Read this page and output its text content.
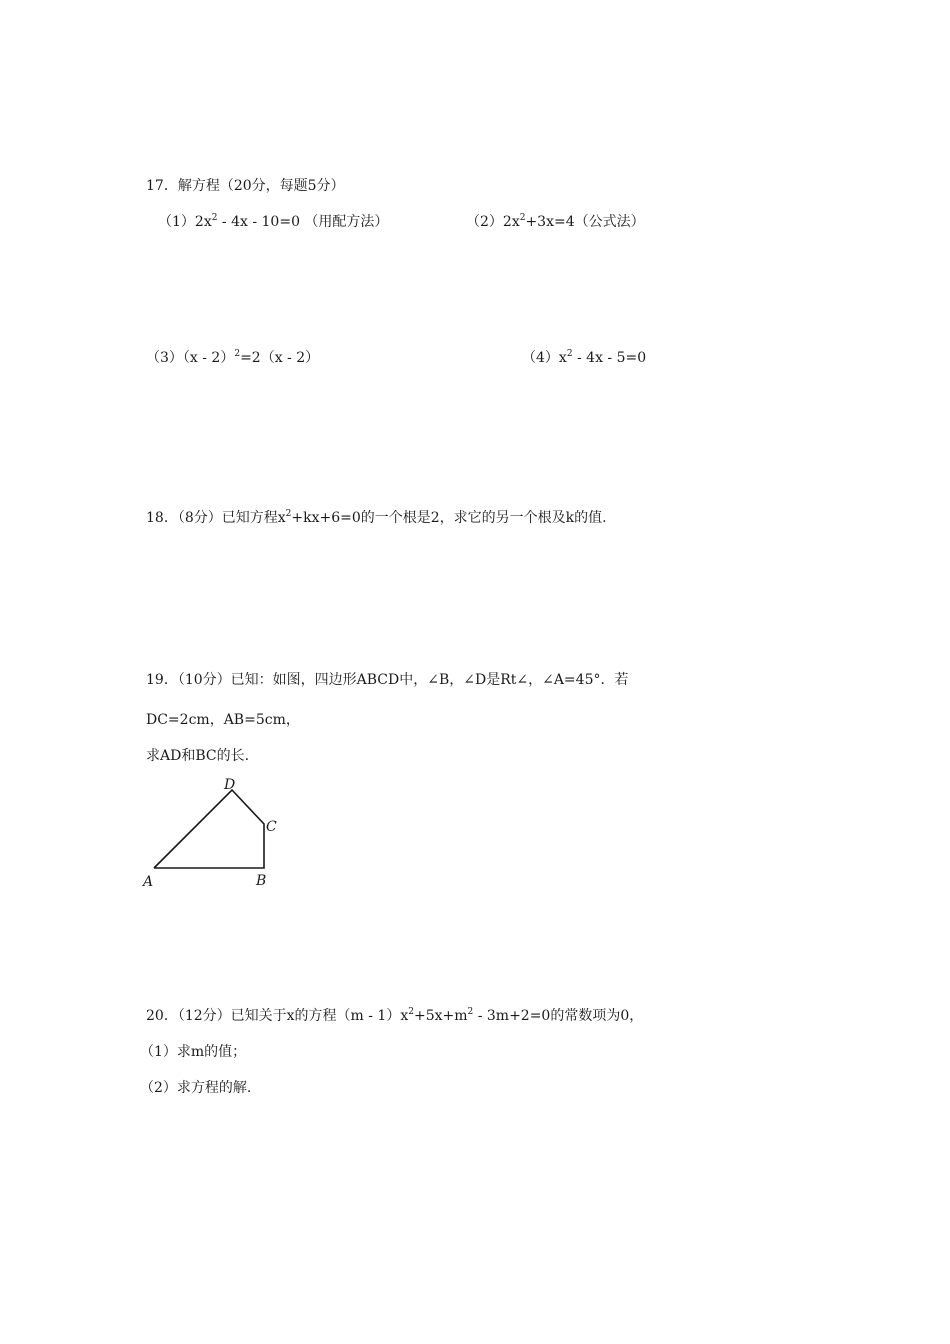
17．解方程（20分，每题5分）
$(1)2x^2 - 4x - 10=0$ （用配方法）	$(2)2x^2+3x=4$（公式法）
（3）（x - 2）$^2$=2（x - 2）	$(4)x^2 - 4x - 5=0$
18．（8分）已知方程$x^2+kx+6=0$的一个根是2，求它的另一个根及k的值.
19．（10分）已知：如图，四边形ABCD中，∠B，∠D是Rt∠，∠A=45°．若
DC=2cm，AB=5cm，
求AD和BC的长.
D
C
A	B
20．（12分）已知关于x的方程$(m - 1)x^2+5x+m^2 - 3m+2=0$的常数项为0，
（1）求m的值；
（2）求方程的解.
